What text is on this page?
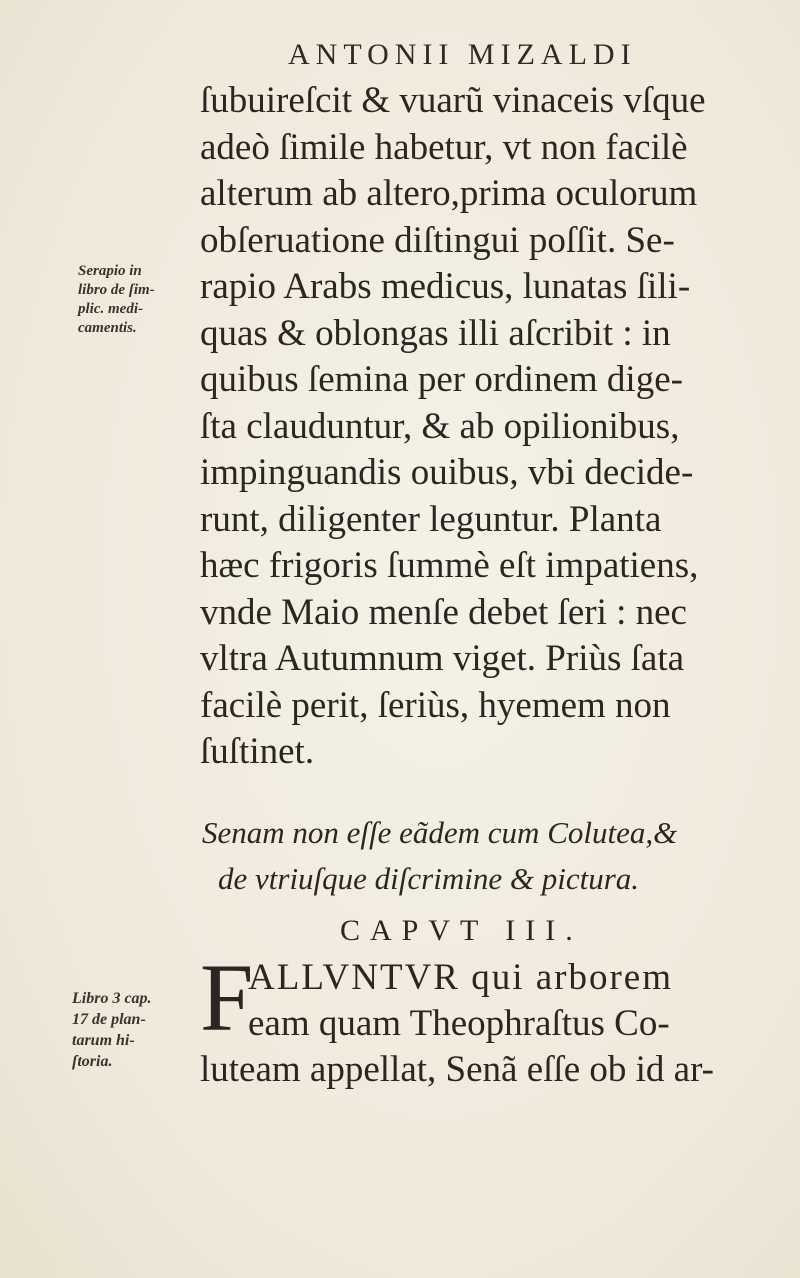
ANTONII MIZALDI
Serapio in
libro de ſim-
plic. medi-
camentis.
ſubuireſcit & vuarũ vinaceis vſque
adeò ſimile habetur, vt non facilè
alterum ab altero,prima oculorum
obſeruatione diſtingui poſſit. Se-
rapio Arabs medicus, lunatas ſili-
quas & oblongas illi aſcribit : in
quibus ſemina per ordinem dige-
ſta clauduntur, & ab opilionibus,
impinguandis ouibus, vbi decide-
runt, diligenter leguntur. Planta
hæc frigoris ſummè eſt impatiens,
vnde Maio menſe debet ſeri : nec
vltra Autumnum viget. Priùs ſata
facilè perit, ſeriùs, hyemem non
ſuſtinet.
Senam non eſſe eãdem cum Colutea,&
de vtriuſque diſcrimine & pictura.
CAPVT III.
Libro 3 cap.
17 de plan-
tarum hi-
ſtoria.
F
ALLVNTVR qui arborem
eam quam Theophraſtus Co-
luteam appellat, Senã eſſe ob id ar-
